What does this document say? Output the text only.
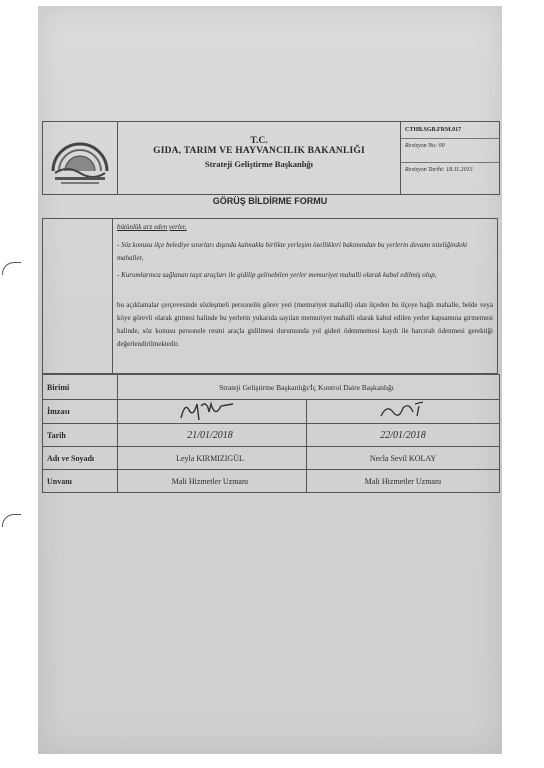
T.C.
GIDA, TARIM VE HAYVANCILIK BAKANLIĞI
Strateji Geliştirme Başkanlığı
CTHB.SGB.FRM.017
Revizyon No: 00
Revizyon Tarihi: 18.11.2013
GÖRÜŞ BİLDİRME FORMU
bütünlük arz eden yerler,
- Söz konusu ilçe belediye sınırları dışında kalmakla birlikte yerleşim özellikleri bakımından bu yerlerin devamı niteliğindeki mahaller,
- Kurumlarınca sağlanan taşıt araçları ile gidilip gelinebilen yerler memuriyet mahalli olarak kabul edilmiş olup,
bu açıklamalar çerçevesinde sözleşmeli personelin görev yeri (memuriyet mahalli) olan ilçeden bu ilçeye bağlı mahalle, belde veya köye görevli olarak gitmesi halinde bu yerlerin yukarıda sayılan memuriyet mahalli olarak kabul edilen yerler kapsamına girmemesi halinde, söz konusu personele resmi araçla gidilmesi durumunda yol gideri ödenmemesi kaydı ile harcırah ödenmesi gerektiği değerlendirilmektedir.
Birimi	Strateji Geliştirme Başkanlığı/İç Kontrol Daire Başkanlığı
İmzası
Tarih	21/01/2018	22/01/2018
Adı ve Soyadı	Leyla KIRMIZIGÜL	Necla Sevil KOLAY
Unvanı	Mali Hizmetler Uzmanı	Mali Hizmetler Uzmanı
